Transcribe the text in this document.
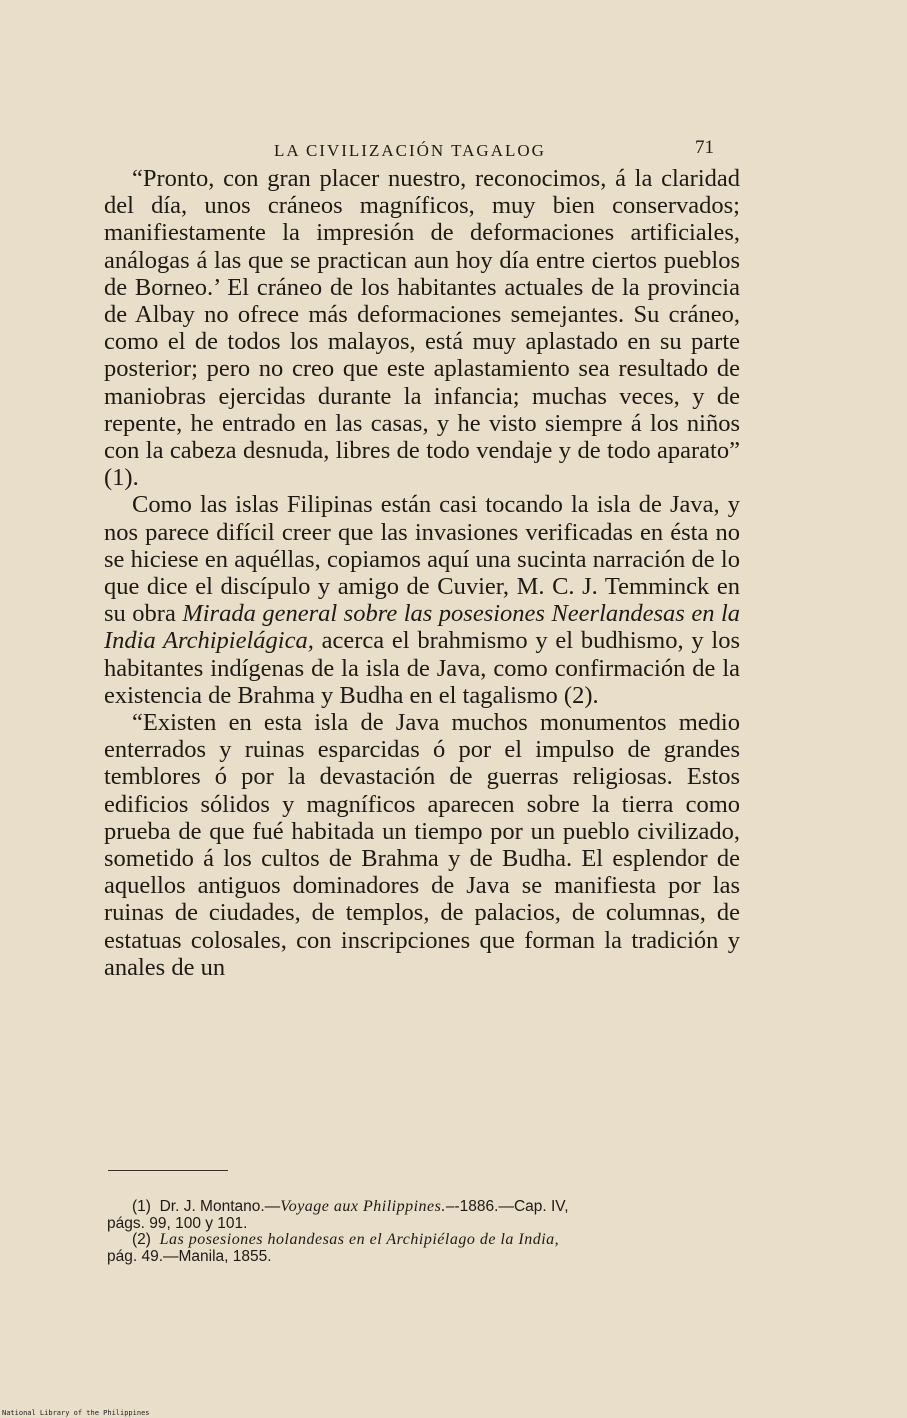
LA CIVILIZACIÓN TAGALOG	71

“Pronto, con gran placer nuestro, reconocimos, á la claridad del día, unos cráneos magníficos, muy bien conservados; manifiestamente la impresión de deformaciones artificiales, análogas á las que se practican aun hoy día entre ciertos pueblos de Borneo.’ El cráneo de los habitantes actuales de la provincia de Albay no ofrece más deformaciones semejantes. Su cráneo, como el de todos los malayos, está muy aplastado en su parte posterior; pero no creo que este aplastamiento sea resultado de maniobras ejercidas durante la infancia; muchas veces, y de repente, he entrado en las casas, y he visto siempre á los niños con la cabeza desnuda, libres de todo vendaje y de todo aparato” (1).

Como las islas Filipinas están casi tocando la isla de Java, y nos parece difícil creer que las invasiones verificadas en ésta no se hiciese en aquéllas, copiamos aquí una sucinta narración de lo que dice el discípulo y amigo de Cuvier, M. C. J. Temminck en su obra Mirada general sobre las posesiones Neerlandesas en la India Archipielágica, acerca el brahmismo y el budhismo, y los habitantes indígenas de la isla de Java, como confirmación de la existencia de Brahma y Budha en el tagalismo (2).

“Existen en esta isla de Java muchos monumentos medio enterrados y ruinas esparcidas ó por el impulso de grandes temblores ó por la devastación de guerras religiosas. Estos edificios sólidos y magníficos aparecen sobre la tierra como prueba de que fué habitada un tiempo por un pueblo civilizado, sometido á los cultos de Brahma y de Budha. El esplendor de aquellos antiguos dominadores de Java se manifiesta por las ruinas de ciudades, de templos, de palacios, de columnas, de estatuas colosales, con inscripciones que forman la tradición y anales de un

(1) Dr. J. Montano.—Voyage aux Philippines.–-1886.—Cap. IV,

págs. 99, 100 y 101.

(2) Las posesiones holandesas en el Archipiélago de la India,

pág. 49.—Manila, 1855.

National Library of the Philippines
